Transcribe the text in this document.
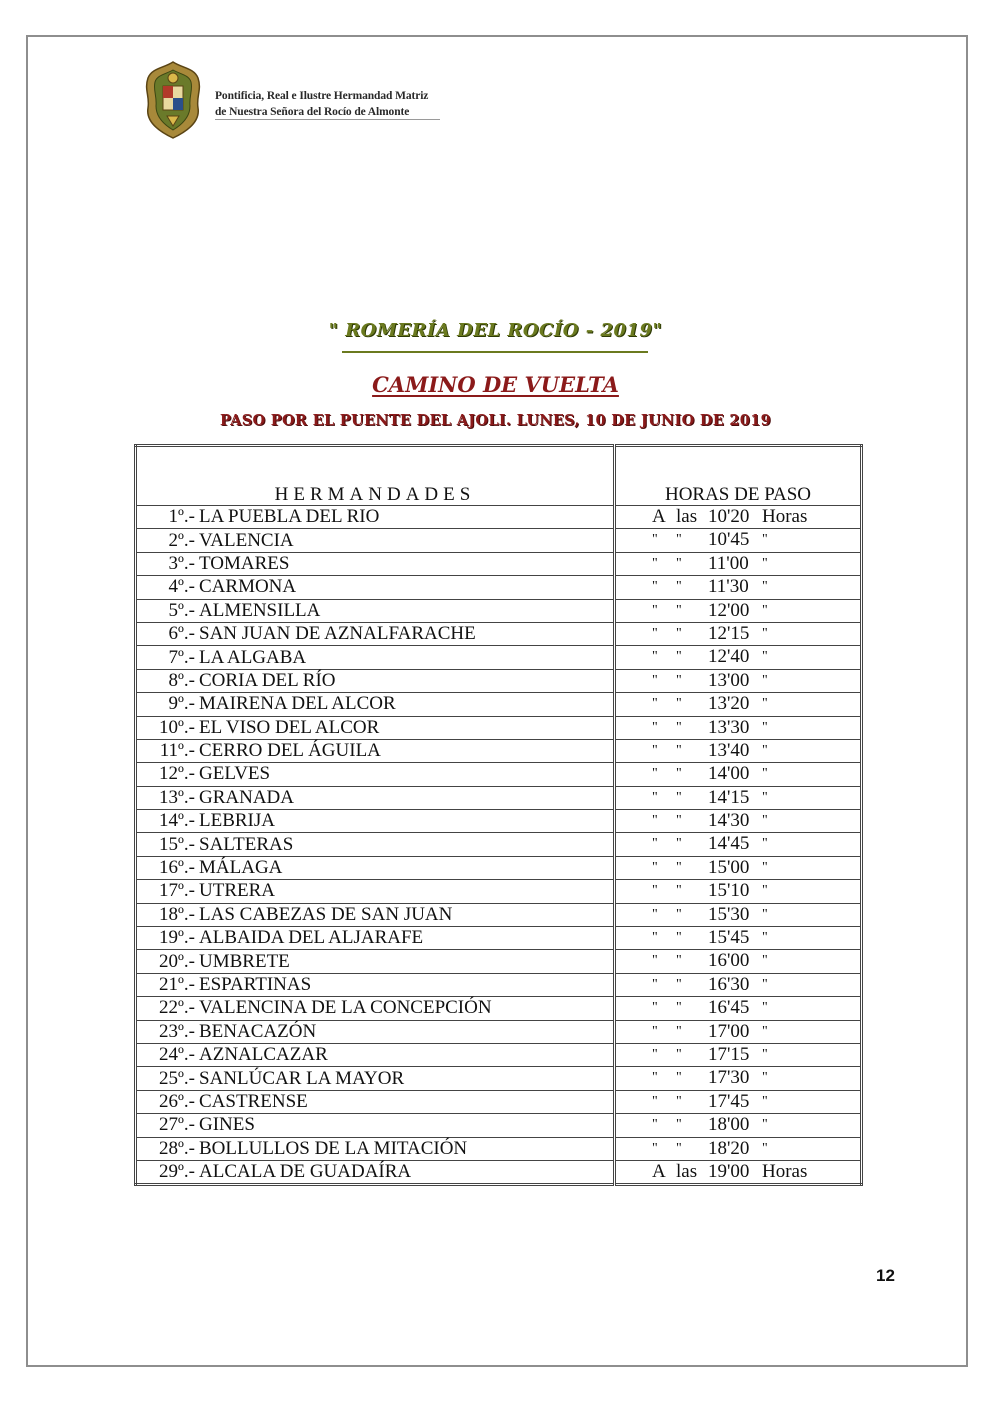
Pontificia, Real e Ilustre Hermandad Matriz
de Nuestra Señora del Rocío de Almonte
" ROMERÍA DEL ROCÍO - 2019"
CAMINO DE VUELTA
PASO POR EL PUENTE DEL AJOLI. LUNES, 10 DE JUNIO DE 2019
HERMANDADES	HORAS DE PASO
1º.- LA PUEBLA DEL RIO	A las 10'20 Horas

2º.- VALENCIA	" " 10'45 "

3º.- TOMARES	" " 11'00 "

4º.- CARMONA	" " 11'30 "

5º.- ALMENSILLA	" " 12'00 "

6º.- SAN JUAN DE AZNALFARACHE	" " 12'15 "

7º.- LA ALGABA	" " 12'40 "

8º.- CORIA DEL RÍO	" " 13'00 "

9º.- MAIRENA DEL ALCOR	" " 13'20 "

10º.- EL VISO DEL ALCOR	" " 13'30 "

11º.- CERRO DEL ÁGUILA	" " 13'40 "

12º.- GELVES	" " 14'00 "

13º.- GRANADA	" " 14'15 "

14º.- LEBRIJA	" " 14'30 "

15º.- SALTERAS	" " 14'45 "

16º.- MÁLAGA	" " 15'00 "

17º.- UTRERA	" " 15'10 "

18º.- LAS CABEZAS DE SAN JUAN	" " 15'30 "

19º.- ALBAIDA DEL ALJARAFE	" " 15'45 "

20º.- UMBRETE	" " 16'00 "

21º.- ESPARTINAS	" " 16'30 "

22º.- VALENCINA DE LA CONCEPCIÓN	" " 16'45 "

23º.- BENACAZÓN	" " 17'00 "

24º.- AZNALCAZAR	" " 17'15 "

25º.- SANLÚCAR LA MAYOR	" " 17'30 "

26º.- CASTRENSE	" " 17'45 "

27º.- GINES	" " 18'00 "

28º.- BOLLULLOS DE LA MITACIÓN	" " 18'20 "

29º.- ALCALA DE GUADAÍRA	A las 19'00 Horas
12
